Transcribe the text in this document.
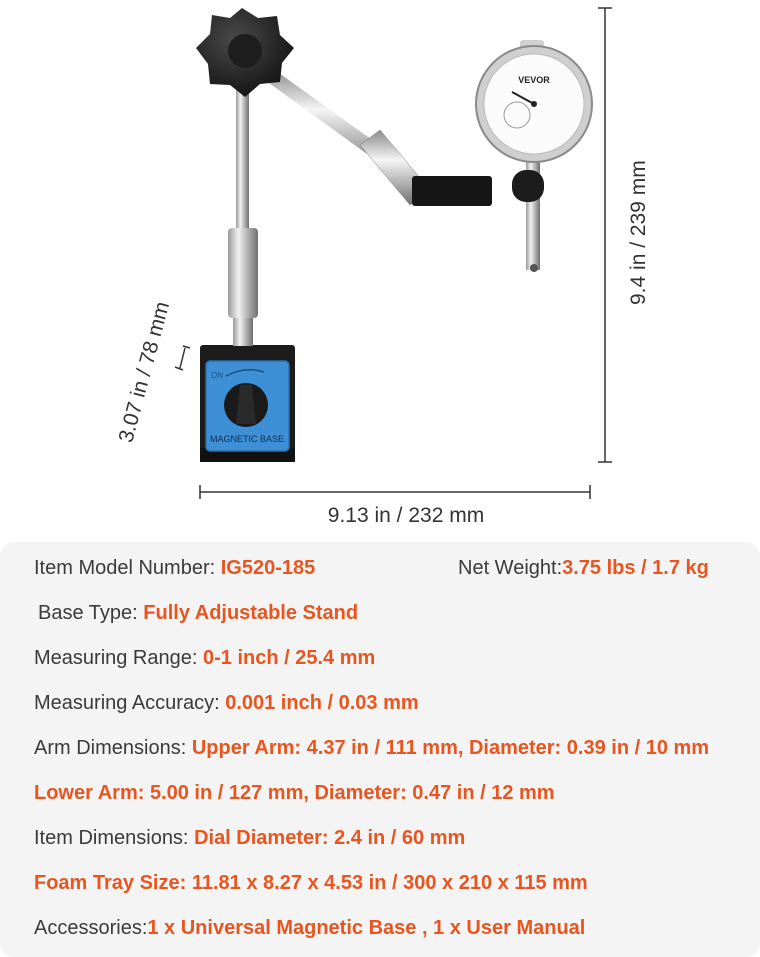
ON
MAGNETIC BASE
VEVOR
9.13 in / 232 mm
9.4 in / 239 mm
3.07 in / 78 mm
Item Model Number: IG520-185	Net Weight:3.75 lbs / 1.7 kg
Base Type: Fully Adjustable Stand
Measuring Range: 0-1 inch / 25.4 mm
Measuring Accuracy: 0.001 inch / 0.03 mm
Arm Dimensions: Upper Arm: 4.37 in / 111 mm, Diameter: 0.39 in / 10 mm
Lower Arm: 5.00 in / 127 mm, Diameter: 0.47 in / 12 mm
Item Dimensions: Dial Diameter: 2.4 in / 60 mm
Foam Tray Size: 11.81 x 8.27 x 4.53 in / 300 x 210 x 115 mm
Accessories:1 x Universal Magnetic Base , 1 x User Manual
